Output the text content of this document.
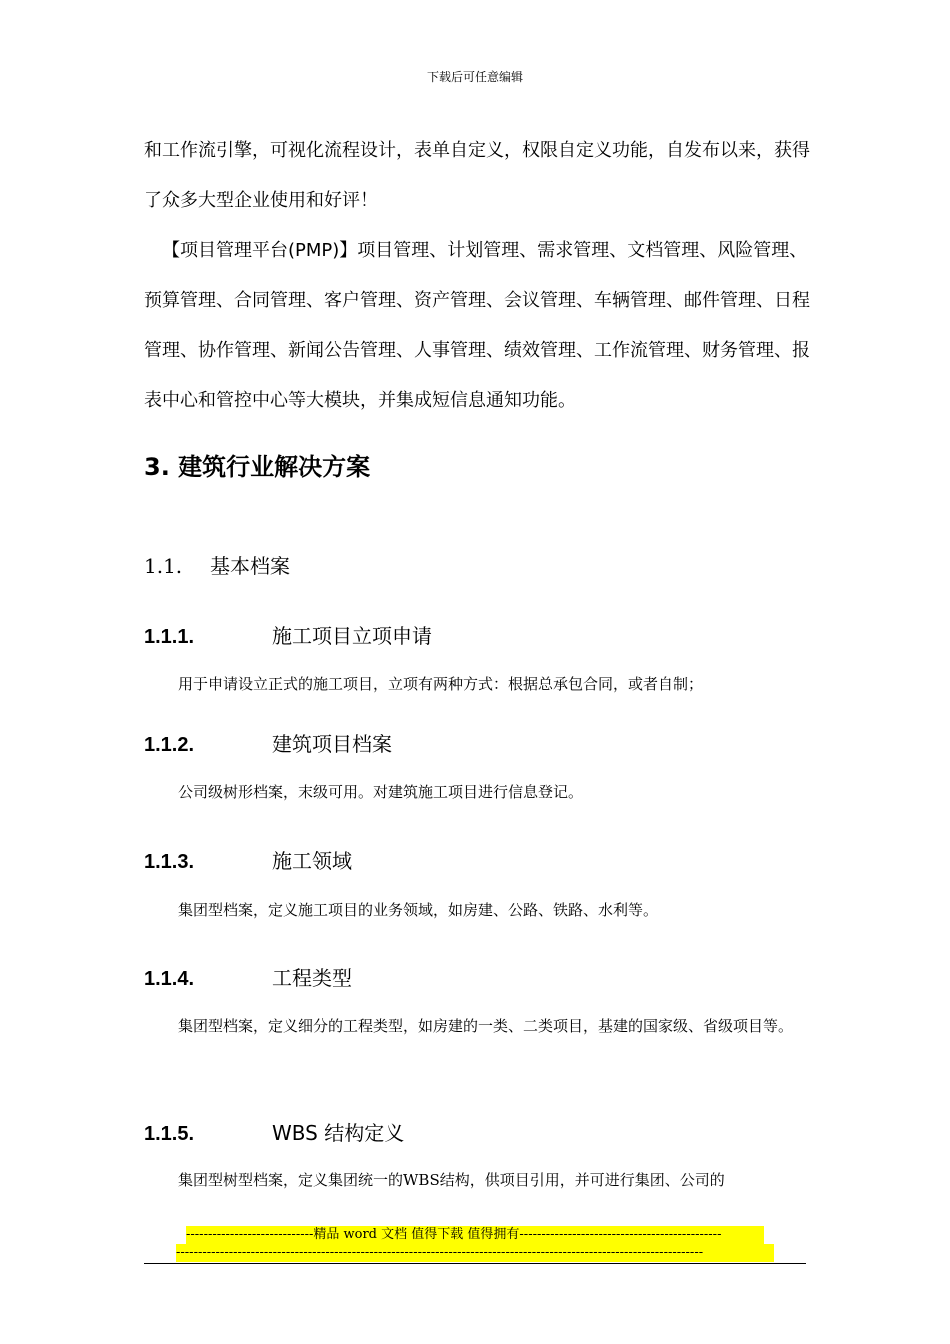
下载后可任意编辑
和工作流引擎，可视化流程设计，表单自定义，权限自定义功能，自发布以来，获得了众多大型企业使用和好评！
【项目管理平台(PMP)】项目管理、计划管理、需求管理、文档管理、风险管理、预算管理、合同管理、客户管理、资产管理、会议管理、车辆管理、邮件管理、日程管理、协作管理、新闻公告管理、人事管理、绩效管理、工作流管理、财务管理、报表中心和管控中心等大模块，并集成短信息通知功能。
3. 建筑行业解决方案
1.1. 基本档案
1.1.1.	施工项目立项申请
用于申请设立正式的施工项目，立项有两种方式：根据总承包合同，或者自制；
1.1.2.	建筑项目档案
公司级树形档案，末级可用。对建筑施工项目进行信息登记。
1.1.3.	施工领域
集团型档案，定义施工项目的业务领域，如房建、公路、铁路、水利等。
1.1.4.	工程类型
集团型档案，定义细分的工程类型，如房建的一类、二类项目，基建的国家级、省级项目等。
1.1.5.	WBS 结构定义
集团型树型档案，定义集团统一的WBS结构，供项目引用，并可进行集团、公司的
-----------------------------精品 word 文档 值得下载 值得拥有----------------------------------------------
------------------------------------------------------------------------------------------------------------------------
